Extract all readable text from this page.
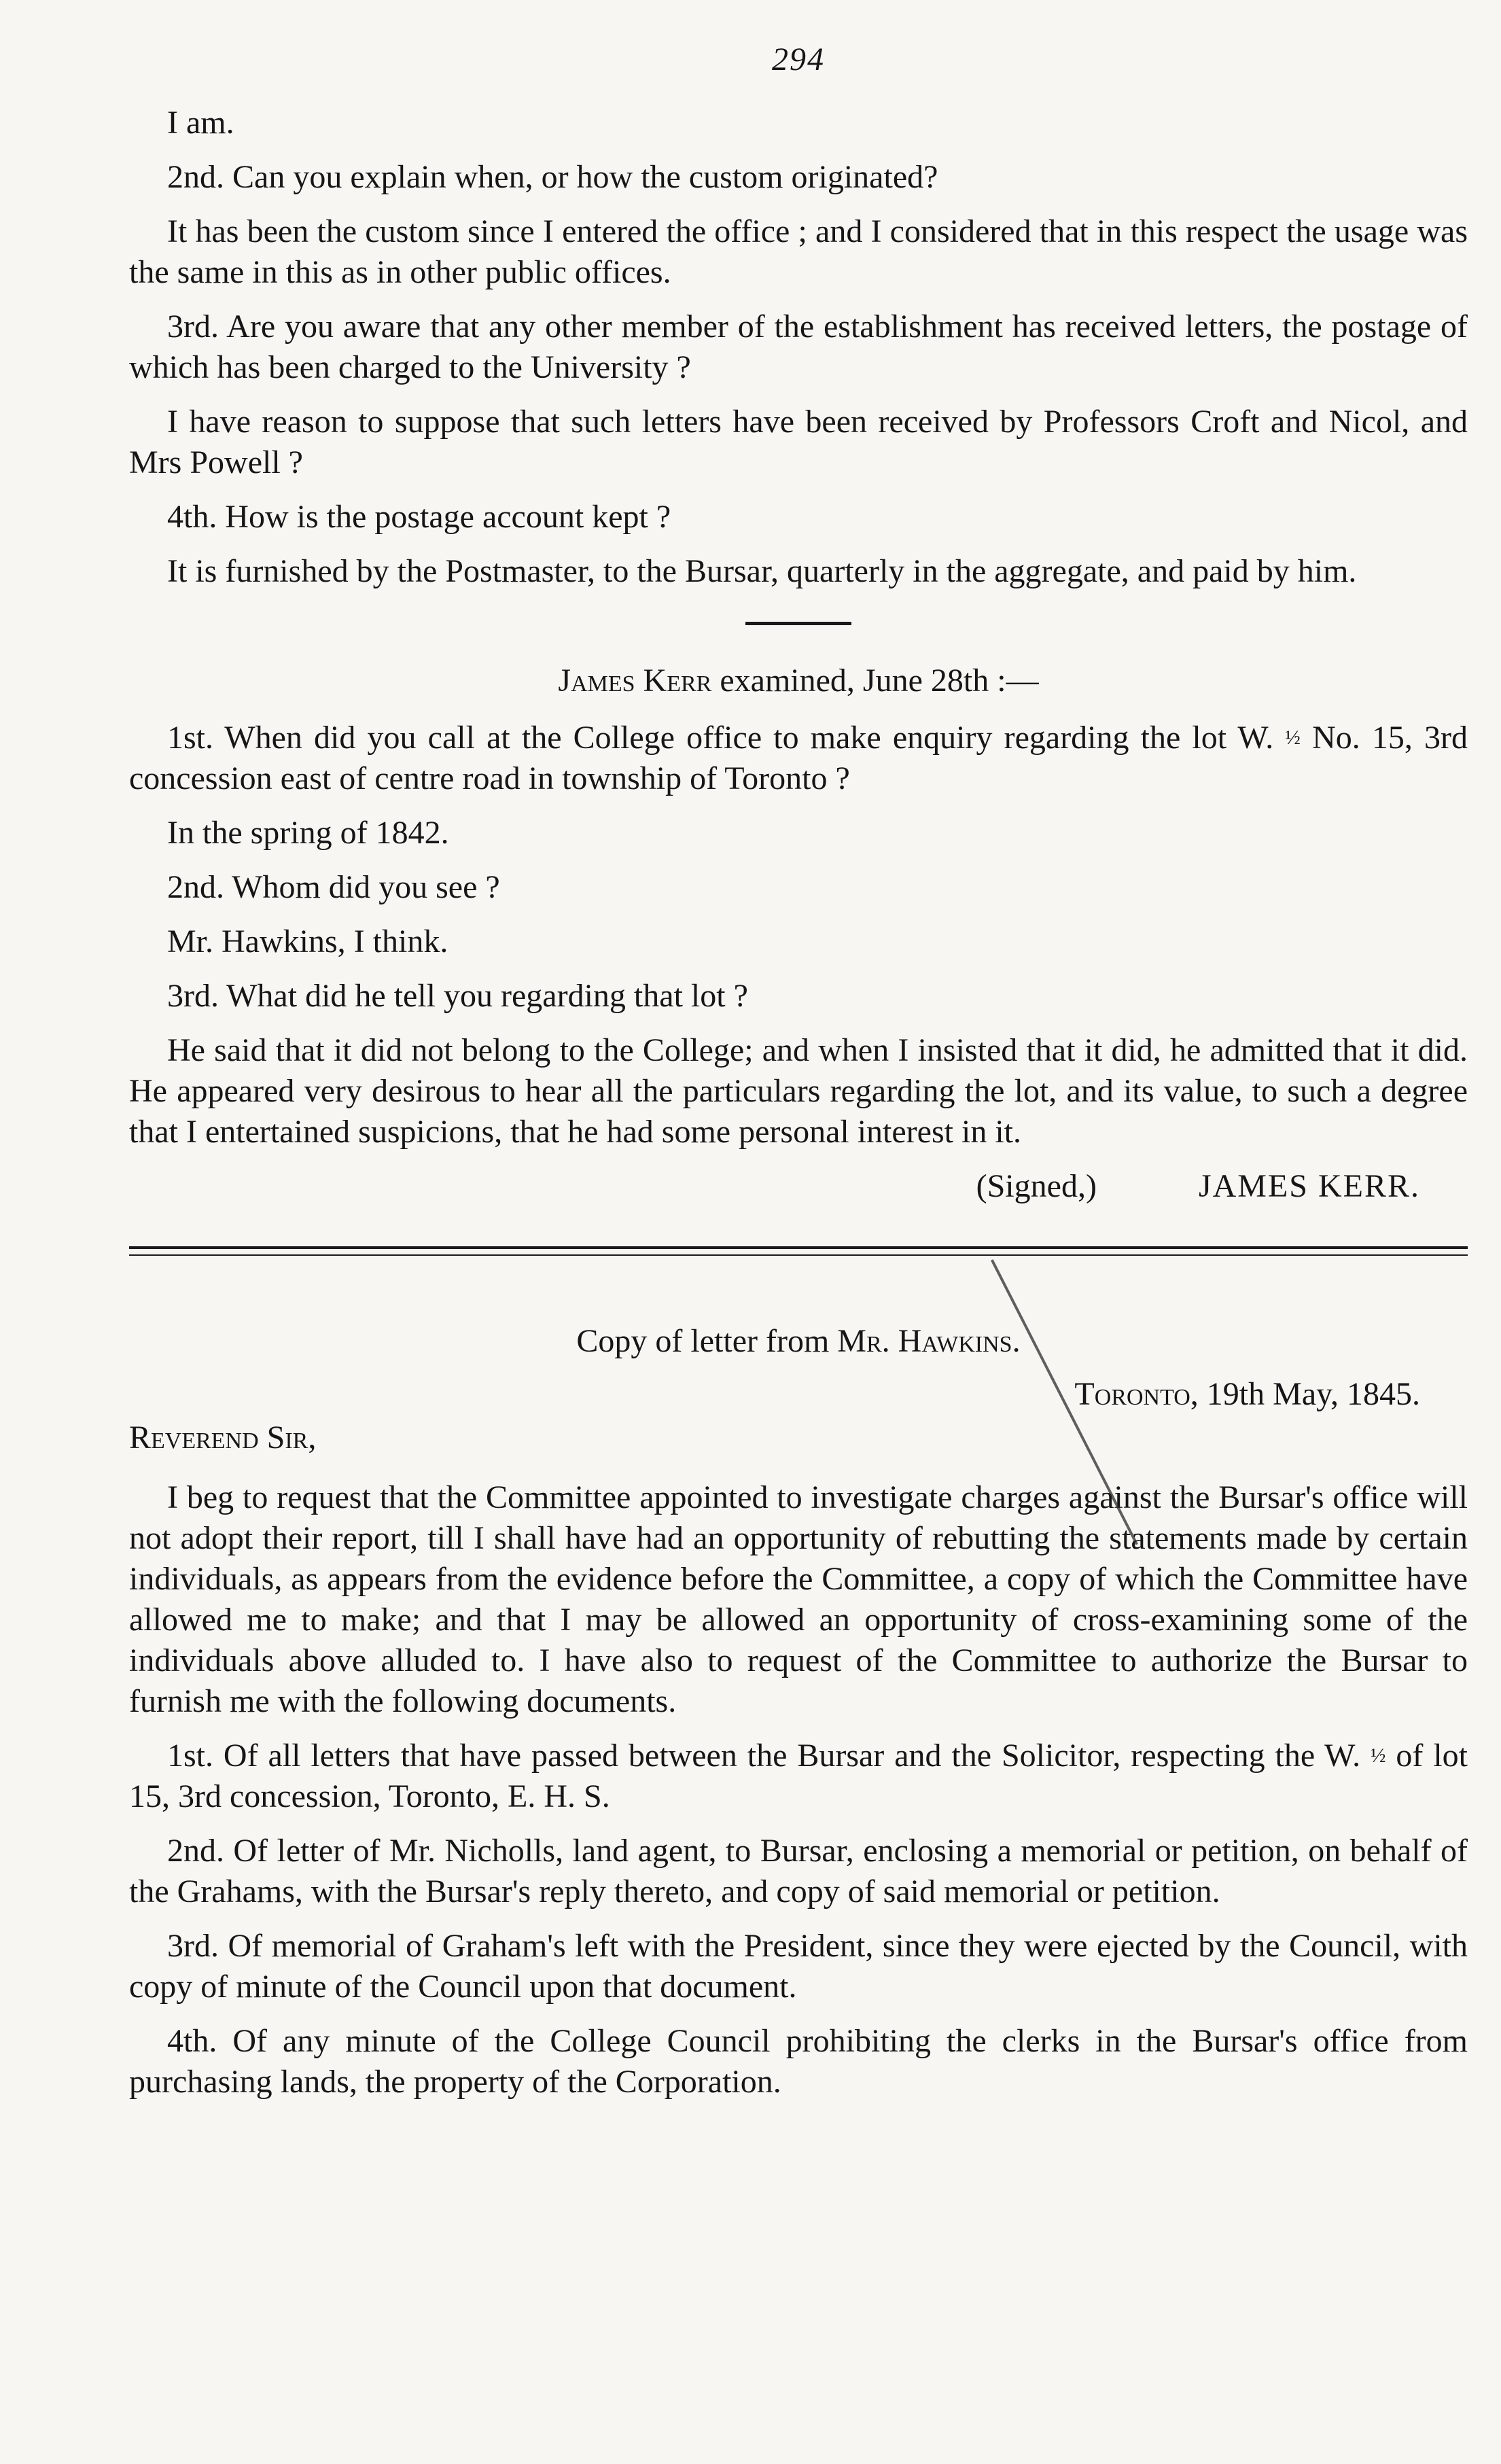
294

I am.

2nd. Can you explain when, or how the custom originated?

It has been the custom since I entered the office ; and I considered that in this respect the usage was the same in this as in other public offices.

3rd. Are you aware that any other member of the establishment has received letters, the postage of which has been charged to the University ?

I have reason to suppose that such letters have been received by Professors Croft and Nicol, and Mrs Powell ?

4th. How is the postage account kept ?

It is furnished by the Postmaster, to the Bursar, quarterly in the aggregate, and paid by him.

James Kerr examined, June 28th :—

1st. When did you call at the College office to make enquiry regarding the lot W. ½ No. 15, 3rd concession east of centre road in township of Toronto ?

In the spring of 1842.

2nd. Whom did you see ?

Mr. Hawkins, I think.

3rd. What did he tell you regarding that lot ?

He said that it did not belong to the College; and when I insisted that it did, he admitted that it did. He appeared very desirous to hear all the particulars regarding the lot, and its value, to such a degree that I entertained suspicions, that he had some personal interest in it.

(Signed,)	JAMES KERR.

Copy of letter from Mr. Hawkins.

Toronto, 19th May, 1845.

Reverend Sir,

I beg to request that the Committee appointed to investigate charges against the Bursar's office will not adopt their report, till I shall have had an opportunity of rebutting the statements made by certain individuals, as appears from the evidence before the Committee, a copy of which the Committee have allowed me to make; and that I may be allowed an opportunity of cross-examining some of the individuals above alluded to. I have also to request of the Committee to authorize the Bursar to furnish me with the following documents.

1st. Of all letters that have passed between the Bursar and the Solicitor, respecting the W. ½ of lot 15, 3rd concession, Toronto, E. H. S.

2nd. Of letter of Mr. Nicholls, land agent, to Bursar, enclosing a memorial or petition, on behalf of the Grahams, with the Bursar's reply thereto, and copy of said memorial or petition.

3rd. Of memorial of Graham's left with the President, since they were ejected by the Council, with copy of minute of the Council upon that document.

4th. Of any minute of the College Council prohibiting the clerks in the Bursar's office from purchasing lands, the property of the Corporation.
